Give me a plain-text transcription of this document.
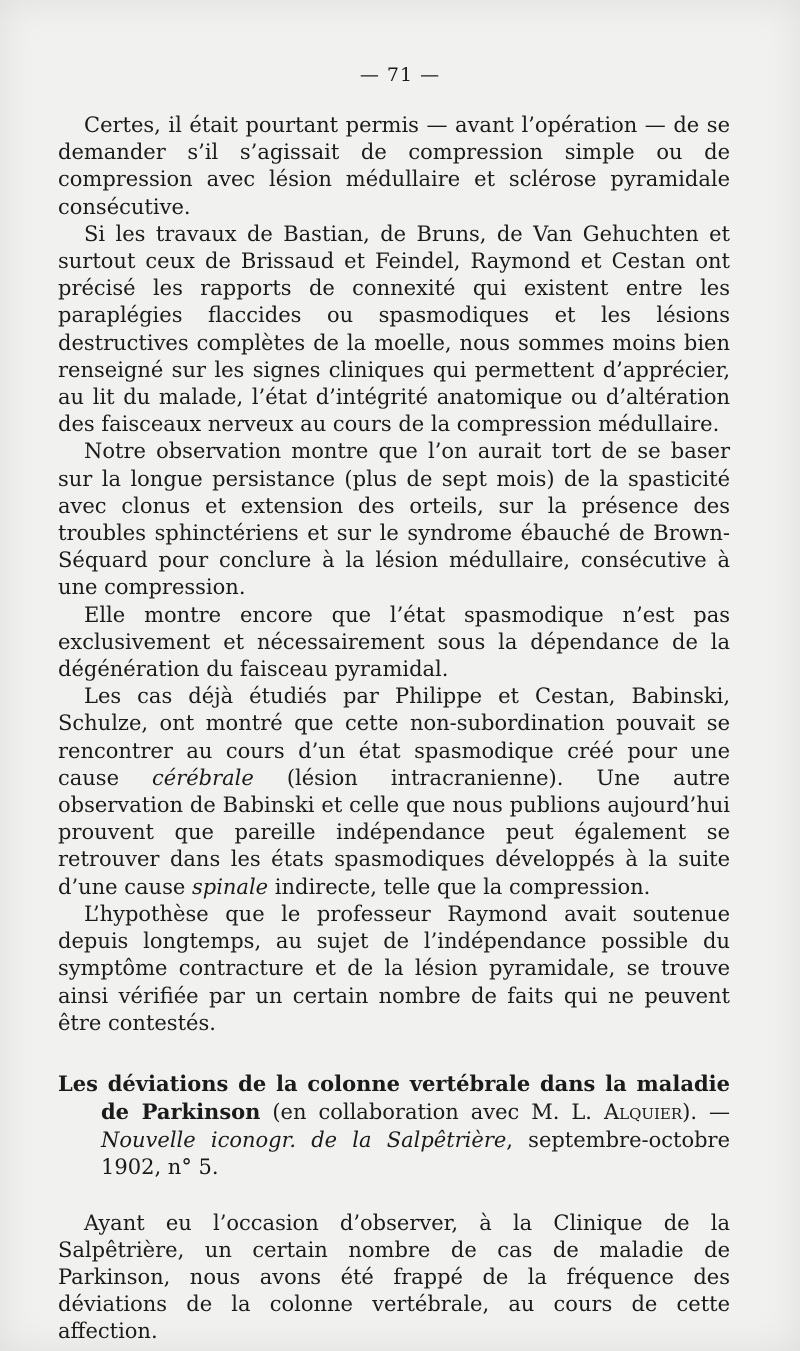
— 71 —

Certes, il était pourtant permis — avant l’opération — de se demander s’il s’agissait de compression simple ou de compression avec lésion médullaire et sclérose pyramidale consécutive.

Si les travaux de Bastian, de Bruns, de Van Gehuchten et surtout ceux de Brissaud et Feindel, Raymond et Cestan ont précisé les rapports de connexité qui existent entre les paraplégies flaccides ou spasmodiques et les lésions destructives complètes de la moelle, nous sommes moins bien renseigné sur les signes cliniques qui permettent d’apprécier, au lit du malade, l’état d’intégrité anatomique ou d’altération des faisceaux nerveux au cours de la compression médullaire.

Notre observation montre que l’on aurait tort de se baser sur la longue persistance (plus de sept mois) de la spasticité avec clonus et extension des orteils, sur la présence des troubles sphinctériens et sur le syndrome ébauché de Brown-Séquard pour conclure à la lésion médullaire, consécutive à une compression.

Elle montre encore que l’état spasmodique n’est pas exclusivement et nécessairement sous la dépendance de la dégénération du faisceau pyramidal.

Les cas déjà étudiés par Philippe et Cestan, Babinski, Schulze, ont montré que cette non-subordination pouvait se rencontrer au cours d’un état spasmodique créé pour une cause cérébrale (lésion intracranienne). Une autre observation de Babinski et celle que nous publions aujourd’hui prouvent que pareille indépendance peut également se retrouver dans les états spasmodiques développés à la suite d’une cause spinale indirecte, telle que la compression.

L’hypothèse que le professeur Raymond avait soutenue depuis longtemps, au sujet de l’indépendance possible du symptôme contracture et de la lésion pyramidale, se trouve ainsi vérifiée par un certain nombre de faits qui ne peuvent être contestés.

Les déviations de la colonne vertébrale dans la maladie de Parkinson (en collaboration avec M. L. Alquier). — Nouvelle iconogr. de la Salpêtrière, septembre-octobre 1902, n° 5.

Ayant eu l’occasion d’observer, à la Clinique de la Salpêtrière, un certain nombre de cas de maladie de Parkinson, nous avons été frappé de la fréquence des déviations de la colonne vertébrale, au cours de cette affection.
